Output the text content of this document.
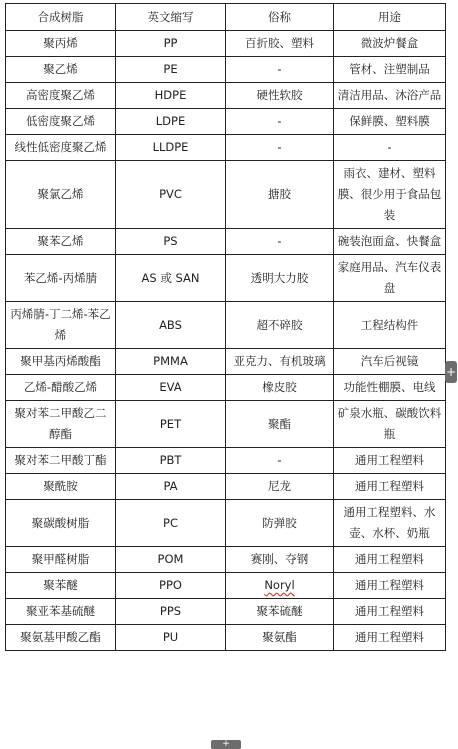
合成树脂	英文缩写	俗称	用途
聚丙烯	PP	百折胶、塑料	微波炉餐盒
聚乙烯	PE	-	管材、注塑制品
高密度聚乙烯	HDPE	硬性软胶	清洁用品、沐浴产品
低密度聚乙烯	LDPE	-	保鲜膜、塑料膜
线性低密度聚乙烯	LLDPE	-	-
聚氯乙烯	PVC	搪胶	雨衣、建材、塑料膜、很少用于食品包装
聚苯乙烯	PS	-	碗装泡面盒、快餐盒
苯乙烯-丙烯腈	AS 或 SAN	透明大力胶	家庭用品、汽车仪表盘
丙烯腈-丁二烯-苯乙烯	ABS	超不碎胶	工程结构件
聚甲基丙烯酸酯	PMMA	亚克力、有机玻璃	汽车后视镜
乙烯-醋酸乙烯	EVA	橡皮胶	功能性棚膜、电线
聚对苯二甲酸乙二醇酯	PET	聚酯	矿泉水瓶、碳酸饮料瓶
聚对苯二甲酸丁酯	PBT	-	通用工程塑料
聚酰胺	PA	尼龙	通用工程塑料
聚碳酸树脂	PC	防弹胶	通用工程塑料、水壶、水杯、奶瓶
聚甲醛树脂	POM	赛刚、夺钢	通用工程塑料
聚苯醚	PPO	Noryl	通用工程塑料
聚亚苯基硫醚	PPS	聚苯硫醚	通用工程塑料
聚氨基甲酸乙酯	PU	聚氨酯	通用工程塑料
+
+
